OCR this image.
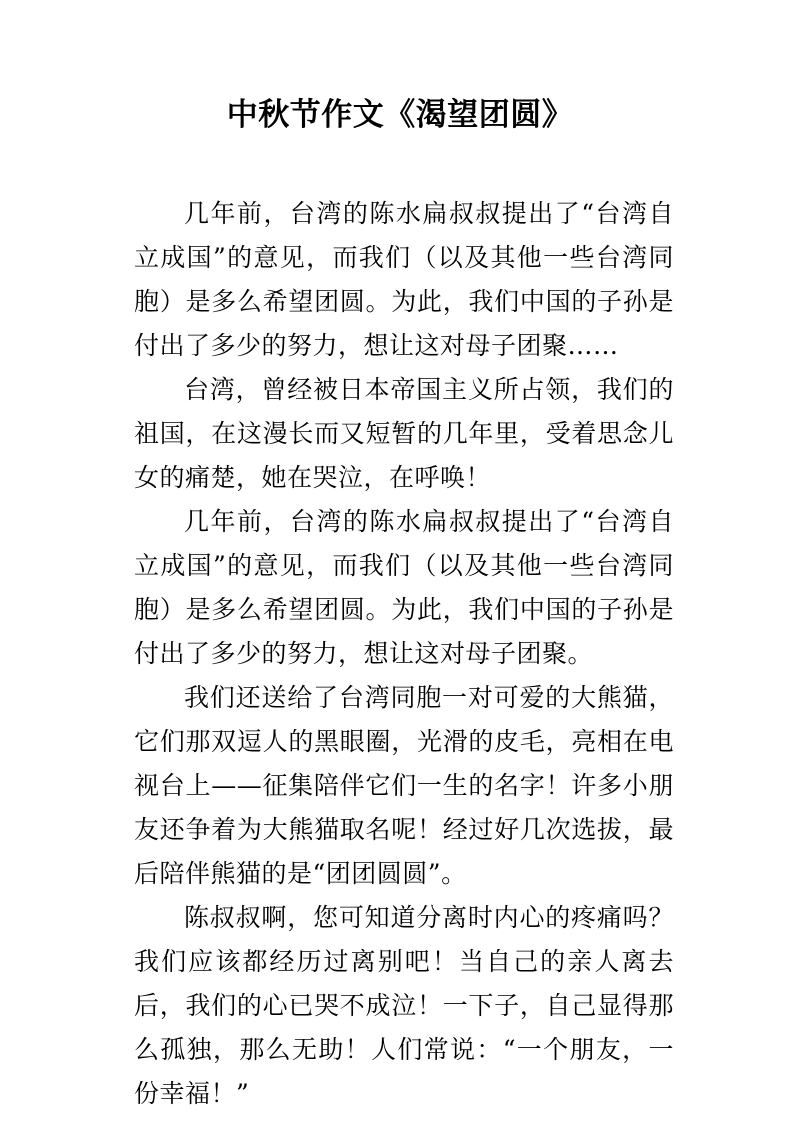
中秋节作文《渴望团圆》

几年前，台湾的陈水扁叔叔提出了“台湾自立成国”的意见，而我们（以及其他一些台湾同胞）是多么希望团圆。为此，我们中国的子孙是付出了多少的努力，想让这对母子团聚……

台湾，曾经被日本帝国主义所占领，我们的祖国，在这漫长而又短暂的几年里，受着思念儿女的痛楚，她在哭泣，在呼唤！

几年前，台湾的陈水扁叔叔提出了“台湾自立成国”的意见，而我们（以及其他一些台湾同胞）是多么希望团圆。为此，我们中国的子孙是付出了多少的努力，想让这对母子团聚。

我们还送给了台湾同胞一对可爱的大熊猫，它们那双逗人的黑眼圈，光滑的皮毛，亮相在电视台上——征集陪伴它们一生的名字！许多小朋友还争着为大熊猫取名呢！经过好几次选拔，最后陪伴熊猫的是“团团圆圆”。

陈叔叔啊，您可知道分离时内心的疼痛吗？我们应该都经历过离别吧！当自己的亲人离去后，我们的心已哭不成泣！一下子，自己显得那么孤独，那么无助！人们常说：“一个朋友，一份幸福！”
